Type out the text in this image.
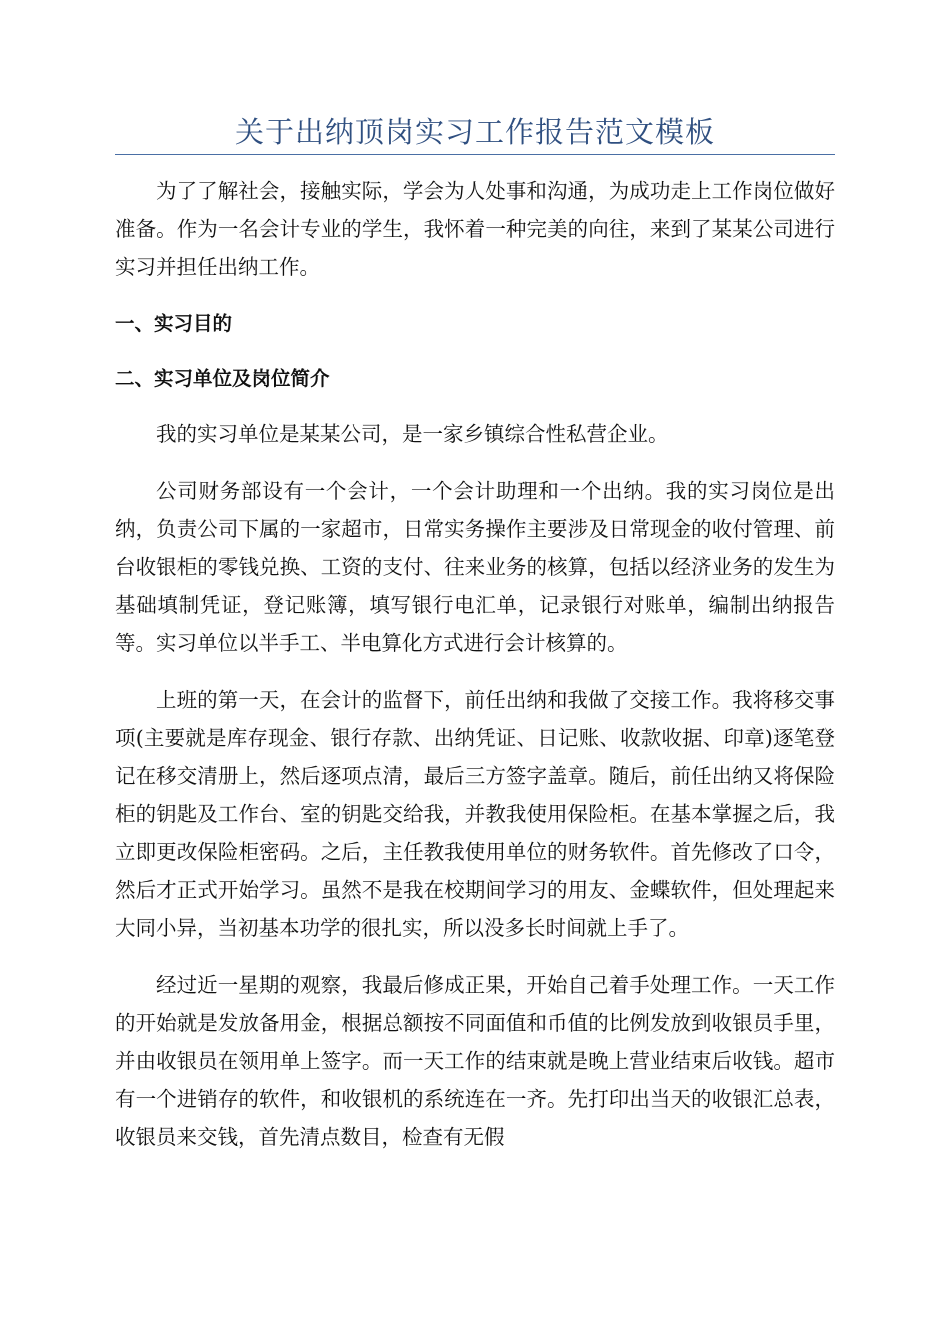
关于出纳顶岗实习工作报告范文模板

为了了解社会，接触实际，学会为人处事和沟通，为成功走上工作岗位做好准备。作为一名会计专业的学生，我怀着一种完美的向往，来到了某某公司进行实习并担任出纳工作。

一、实习目的

二、实习单位及岗位简介

我的实习单位是某某公司，是一家乡镇综合性私营企业。

公司财务部设有一个会计，一个会计助理和一个出纳。我的实习岗位是出纳，负责公司下属的一家超市，日常实务操作主要涉及日常现金的收付管理、前台收银柜的零钱兑换、工资的支付、往来业务的核算，包括以经济业务的发生为基础填制凭证，登记账簿，填写银行电汇单，记录银行对账单，编制出纳报告等。实习单位以半手工、半电算化方式进行会计核算的。

上班的第一天，在会计的监督下，前任出纳和我做了交接工作。我将移交事项(主要就是库存现金、银行存款、出纳凭证、日记账、收款收据、印章)逐笔登记在移交清册上，然后逐项点清，最后三方签字盖章。随后，前任出纳又将保险柜的钥匙及工作台、室的钥匙交给我，并教我使用保险柜。在基本掌握之后，我立即更改保险柜密码。之后，主任教我使用单位的财务软件。首先修改了口令，然后才正式开始学习。虽然不是我在校期间学习的用友、金蝶软件，但处理起来大同小异，当初基本功学的很扎实，所以没多长时间就上手了。

经过近一星期的观察，我最后修成正果，开始自己着手处理工作。一天工作的开始就是发放备用金，根据总额按不同面值和币值的比例发放到收银员手里，并由收银员在领用单上签字。而一天工作的结束就是晚上营业结束后收钱。超市有一个进销存的软件，和收银机的系统连在一齐。先打印出当天的收银汇总表，收银员来交钱，首先清点数目，检查有无假
